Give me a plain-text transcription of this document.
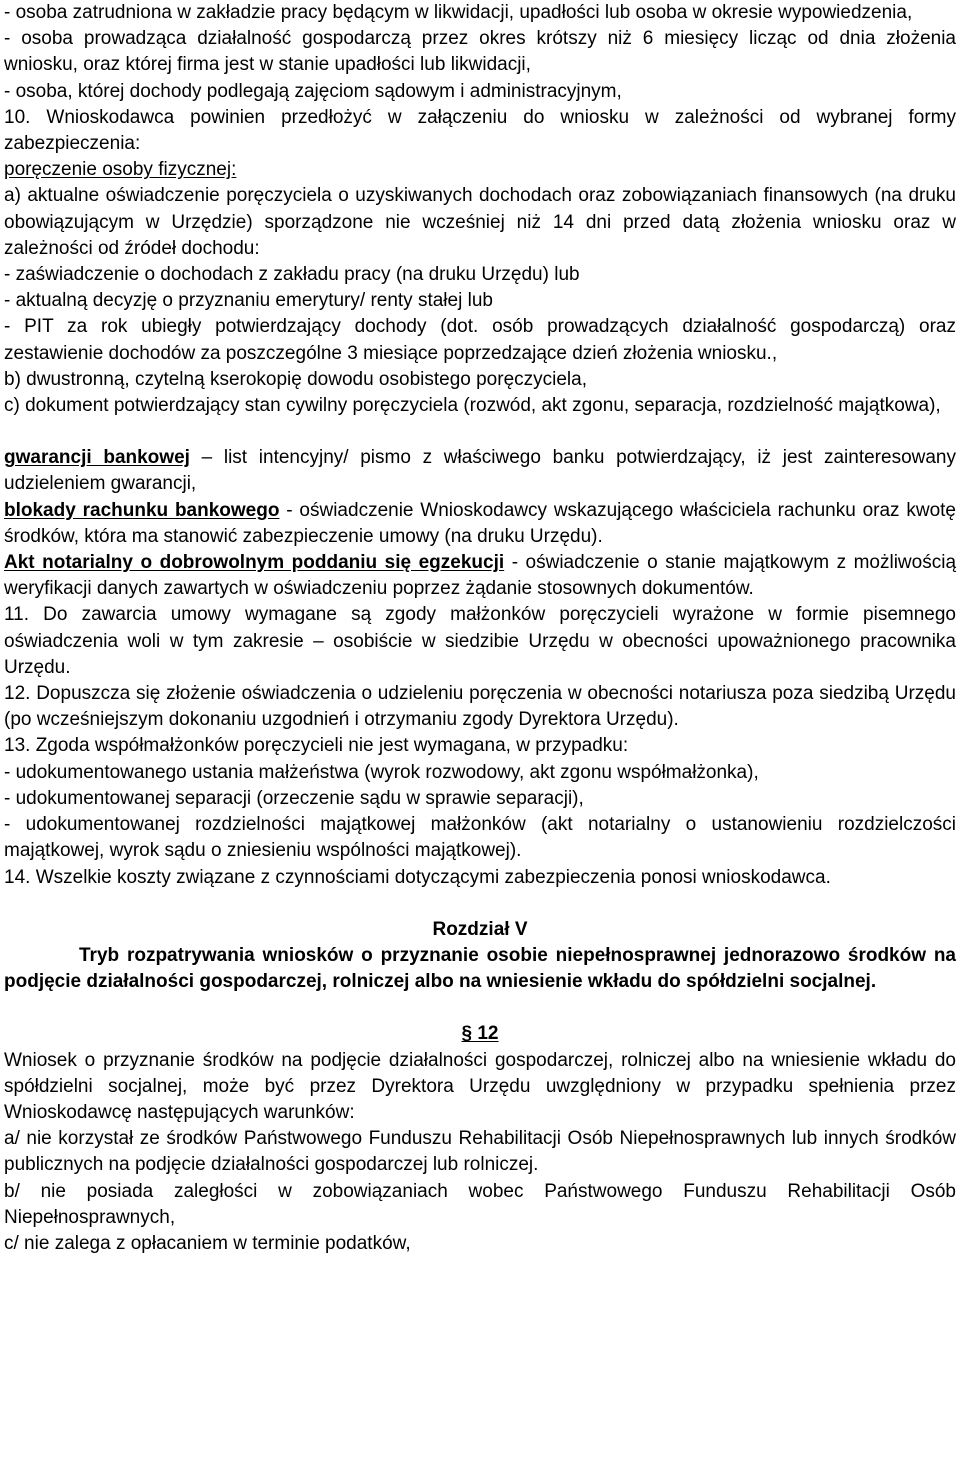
- osoba zatrudniona w zakładzie pracy będącym w likwidacji, upadłości lub osoba w okresie wypowiedzenia,

- osoba prowadząca działalność gospodarczą przez okres krótszy niż 6 miesięcy licząc od dnia złożenia wniosku, oraz której firma jest w stanie upadłości lub likwidacji,

- osoba, której dochody podlegają zajęciom sądowym i administracyjnym,

10. Wnioskodawca powinien przedłożyć w załączeniu do wniosku w zależności od wybranej formy zabezpieczenia:

poręczenie osoby fizycznej:

a) aktualne oświadczenie poręczyciela o uzyskiwanych dochodach oraz zobowiązaniach finansowych (na druku obowiązującym w Urzędzie) sporządzone nie wcześniej niż 14 dni przed datą złożenia wniosku oraz w zależności od źródeł dochodu:

- zaświadczenie o dochodach z zakładu pracy (na druku Urzędu) lub

- aktualną decyzję o przyznaniu emerytury/ renty stałej lub

- PIT za rok ubiegły potwierdzający dochody (dot. osób prowadzących działalność gospodarczą) oraz zestawienie dochodów za poszczególne 3 miesiące poprzedzające dzień złożenia wniosku.,

b) dwustronną, czytelną kserokopię dowodu osobistego poręczyciela,

c) dokument potwierdzający stan cywilny poręczyciela (rozwód, akt zgonu, separacja, rozdzielność majątkowa),

gwarancji bankowej – list intencyjny/ pismo z właściwego banku potwierdzający, iż jest zainteresowany udzieleniem gwarancji,

blokady rachunku bankowego - oświadczenie Wnioskodawcy wskazującego właściciela rachunku oraz kwotę środków, która ma stanowić zabezpieczenie umowy (na druku Urzędu).

Akt notarialny o dobrowolnym poddaniu się egzekucji - oświadczenie o stanie majątkowym z możliwością weryfikacji danych zawartych w oświadczeniu poprzez żądanie stosownych dokumentów.

11. Do zawarcia umowy wymagane są zgody małżonków poręczycieli wyrażone w formie pisemnego oświadczenia woli w tym zakresie – osobiście w siedzibie Urzędu w obecności upoważnionego pracownika Urzędu.

12. Dopuszcza się złożenie oświadczenia o udzieleniu poręczenia w obecności notariusza poza siedzibą Urzędu (po wcześniejszym dokonaniu uzgodnień i otrzymaniu zgody Dyrektora Urzędu).

13. Zgoda współmałżonków poręczycieli nie jest wymagana, w przypadku:

- udokumentowanego ustania małżeństwa (wyrok rozwodowy, akt zgonu współmałżonka),

- udokumentowanej separacji (orzeczenie sądu w sprawie separacji),

- udokumentowanej rozdzielności majątkowej małżonków (akt notarialny o ustanowieniu rozdzielczości majątkowej, wyrok sądu o zniesieniu wspólności majątkowej).

14. Wszelkie koszty związane z czynnościami dotyczącymi zabezpieczenia ponosi wnioskodawca.

Rozdział V

Tryb rozpatrywania wniosków o przyznanie osobie niepełnosprawnej jednorazowo środków na podjęcie działalności gospodarczej, rolniczej albo na wniesienie wkładu do spółdzielni socjalnej.

§ 12

Wniosek o przyznanie środków na podjęcie działalności gospodarczej, rolniczej albo na wniesienie wkładu do spółdzielni socjalnej, może być przez Dyrektora Urzędu uwzględniony w przypadku spełnienia przez Wnioskodawcę następujących warunków:

a/ nie korzystał ze środków Państwowego Funduszu Rehabilitacji Osób Niepełnosprawnych lub innych środków publicznych na podjęcie działalności gospodarczej lub rolniczej.

b/ nie posiada zaległości w zobowiązaniach wobec Państwowego Funduszu Rehabilitacji Osób Niepełnosprawnych,

c/ nie zalega z opłacaniem w terminie podatków,
